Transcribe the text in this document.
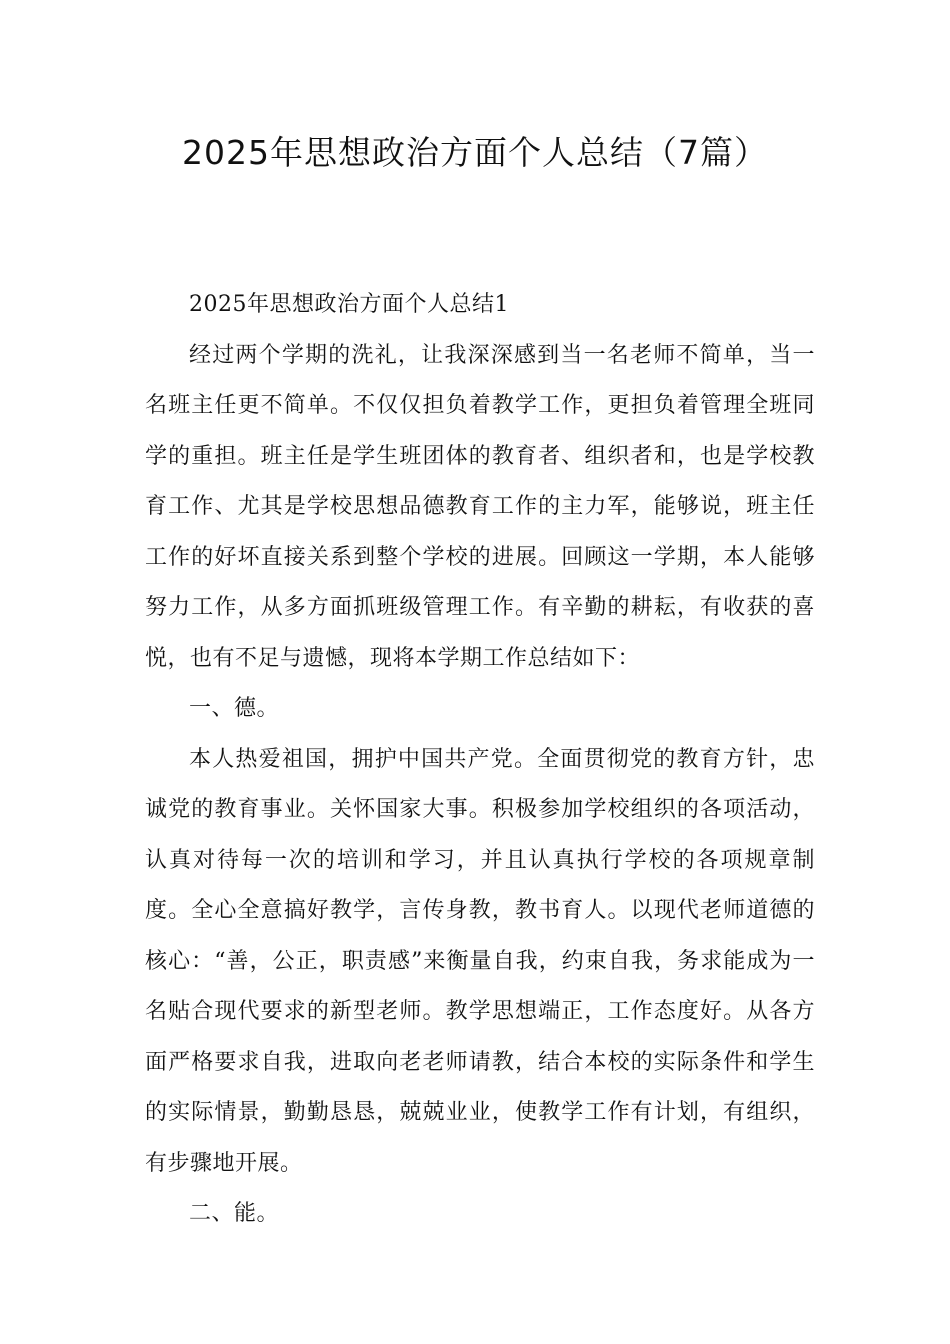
2025年思想政治方面个人总结（7篇）

2025年思想政治方面个人总结1

经过两个学期的洗礼，让我深深感到当一名老师不简单，当一名班主任更不简单。不仅仅担负着教学工作，更担负着管理全班同学的重担。班主任是学生班团体的教育者、组织者和，也是学校教育工作、尤其是学校思想品德教育工作的主力军，能够说，班主任工作的好坏直接关系到整个学校的进展。回顾这一学期，本人能够努力工作，从多方面抓班级管理工作。有辛勤的耕耘，有收获的喜悦，也有不足与遗憾，现将本学期工作总结如下：

一、德。

本人热爱祖国，拥护中国共产党。全面贯彻党的教育方针，忠诚党的教育事业。关怀国家大事。积极参加学校组织的各项活动，认真对待每一次的培训和学习，并且认真执行学校的各项规章制度。全心全意搞好教学，言传身教，教书育人。以现代老师道德的核心：“善，公正，职责感”来衡量自我，约束自我，务求能成为一名贴合现代要求的新型老师。教学思想端正，工作态度好。从各方面严格要求自我，进取向老老师请教，结合本校的实际条件和学生的实际情景，勤勤恳恳，兢兢业业，使教学工作有计划，有组织，有步骤地开展。

二、能。
